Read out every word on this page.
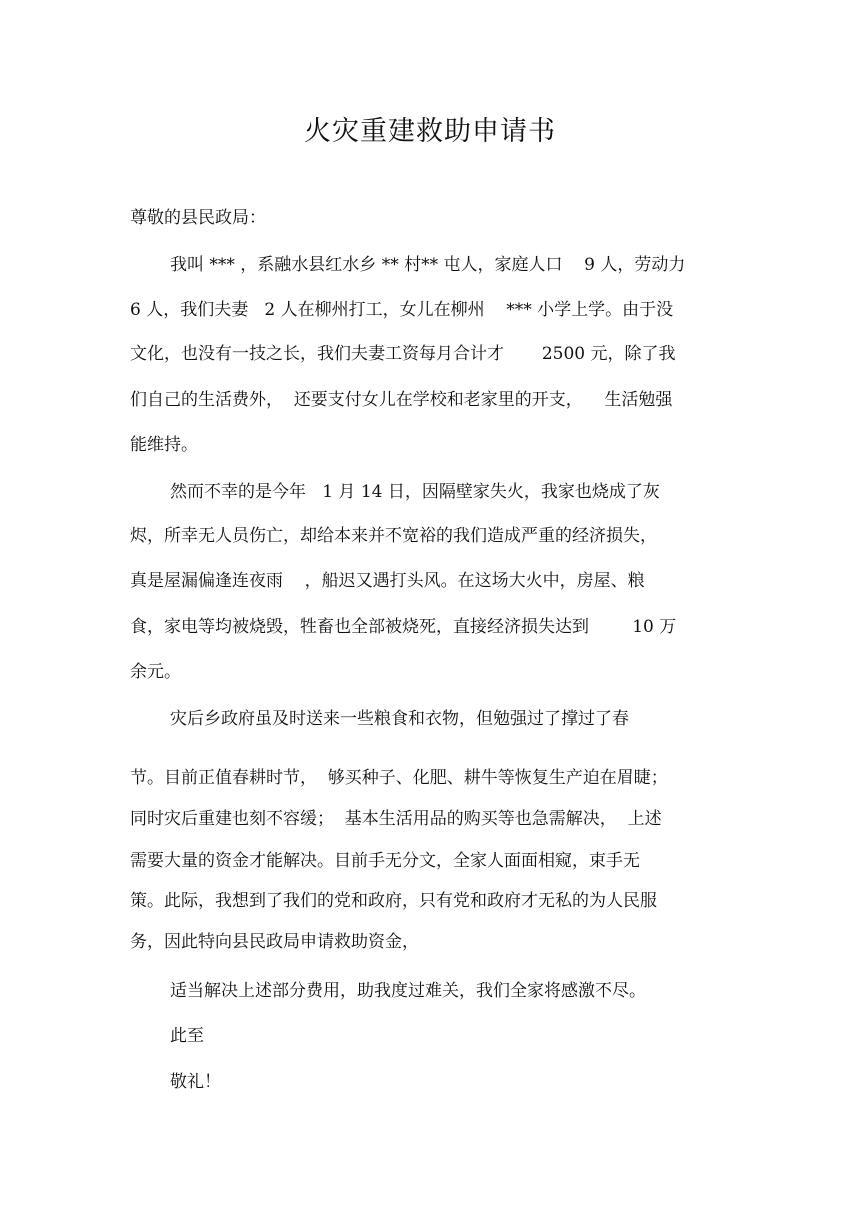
火灾重建救助申请书
尊敬的县民政局：
我叫 *** ，系融水县红水乡 ** 村** 屯人，家庭人口    9 人，劳动力
6 人，我们夫妻   2 人在柳州打工，女儿在柳州    *** 小学上学。由于没
文化，也没有一技之长，我们夫妻工资每月合计才       2500 元，除了我
们自己的生活费外，  还要支付女儿在学校和老家里的开支，    生活勉强
能维持。
然而不幸的是今年   1 月 14 日，因隔壁家失火，我家也烧成了灰
烬，所幸无人员伤亡，却给本来并不宽裕的我们造成严重的经济损失，
真是屋漏偏逢连夜雨    ，船迟又遇打头风。在这场大火中，房屋、粮
食，家电等均被烧毁，牲畜也全部被烧死，直接经济损失达到        10 万
余元。
灾后乡政府虽及时送来一些粮食和衣物，但勉强过了撑过了春
节。目前正值春耕时节，  够买种子、化肥、耕牛等恢复生产迫在眉睫；
同时灾后重建也刻不容缓；  基本生活用品的购买等也急需解决，  上述
需要大量的资金才能解决。目前手无分文，全家人面面相窥，束手无
策。此际，我想到了我们的党和政府，只有党和政府才无私的为人民服
务，因此特向县民政局申请救助资金，
适当解决上述部分费用，助我度过难关，我们全家将感激不尽。
此至
敬礼！
